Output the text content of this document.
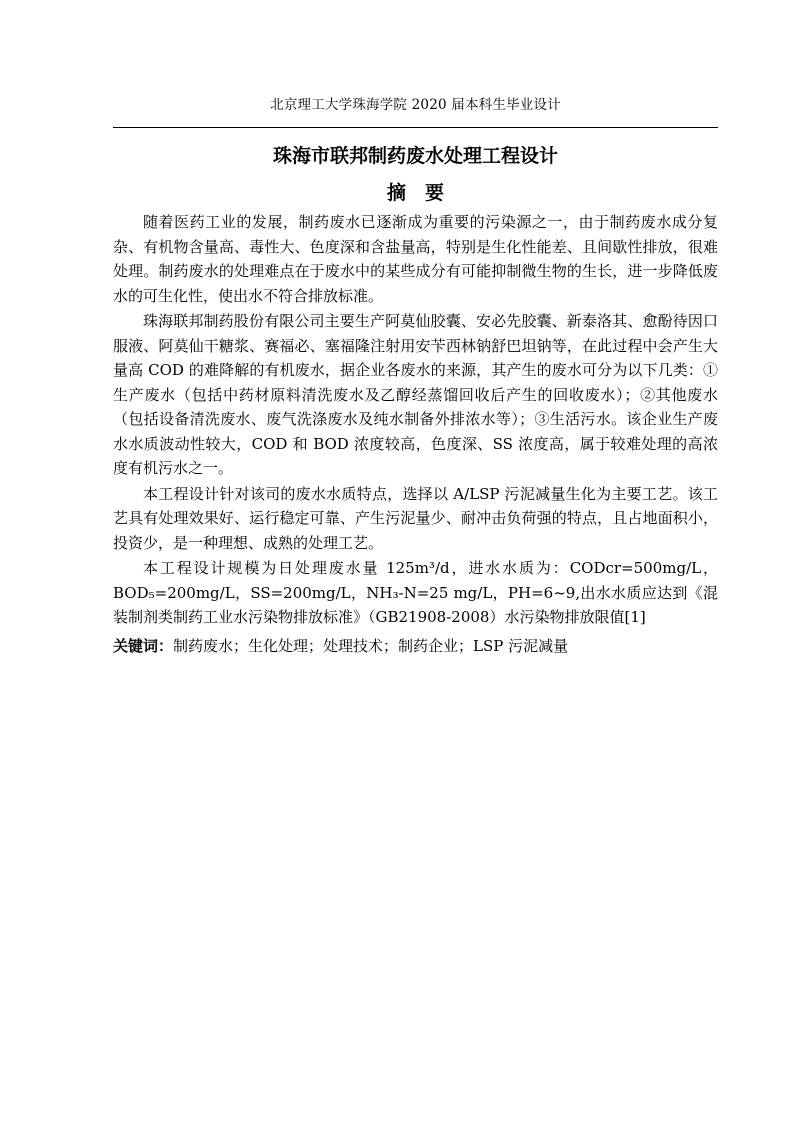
北京理工大学珠海学院 2020 届本科生毕业设计
珠海市联邦制药废水处理工程设计
摘　要

随着医药工业的发展，制药废水已逐渐成为重要的污染源之一，由于制药废水成分复杂、有机物含量高、毒性大、色度深和含盐量高，特别是生化性能差、且间歇性排放，很难处理。制药废水的处理难点在于废水中的某些成分有可能抑制微生物的生长，进一步降低废水的可生化性，使出水不符合排放标准。

珠海联邦制药股份有限公司主要生产阿莫仙胶囊、安必先胶囊、新泰洛其、愈酚待因口服液、阿莫仙干糖浆、赛福必、塞福隆注射用安苄西林钠舒巴坦钠等，在此过程中会产生大量高 COD 的难降解的有机废水，据企业各废水的来源，其产生的废水可分为以下几类：①生产废水（包括中药材原料清洗废水及乙醇经蒸馏回收后产生的回收废水）；②其他废水（包括设备清洗废水、废气洗涤废水及纯水制备外排浓水等）；③生活污水。该企业生产废水水质波动性较大，COD 和 BOD 浓度较高，色度深、SS 浓度高，属于较难处理的高浓度有机污水之一。

本工程设计针对该司的废水水质特点，选择以 A/LSP 污泥减量生化为主要工艺。该工艺具有处理效果好、运行稳定可靠、产生污泥量少、耐冲击负荷强的特点，且占地面积小，投资少，是一种理想、成熟的处理工艺。

本工程设计规模为日处理废水量 125m³/d，进水水质为：CODcr=500mg/L，BOD₅=200mg/L，SS=200mg/L，NH₃-N=25 mg/L，PH=6~9,出水水质应达到《混装制剂类制药工业水污染物排放标准》（GB21908-2008）水污染物排放限值[1]

关键词：制药废水；生化处理；处理技术；制药企业；LSP 污泥减量
